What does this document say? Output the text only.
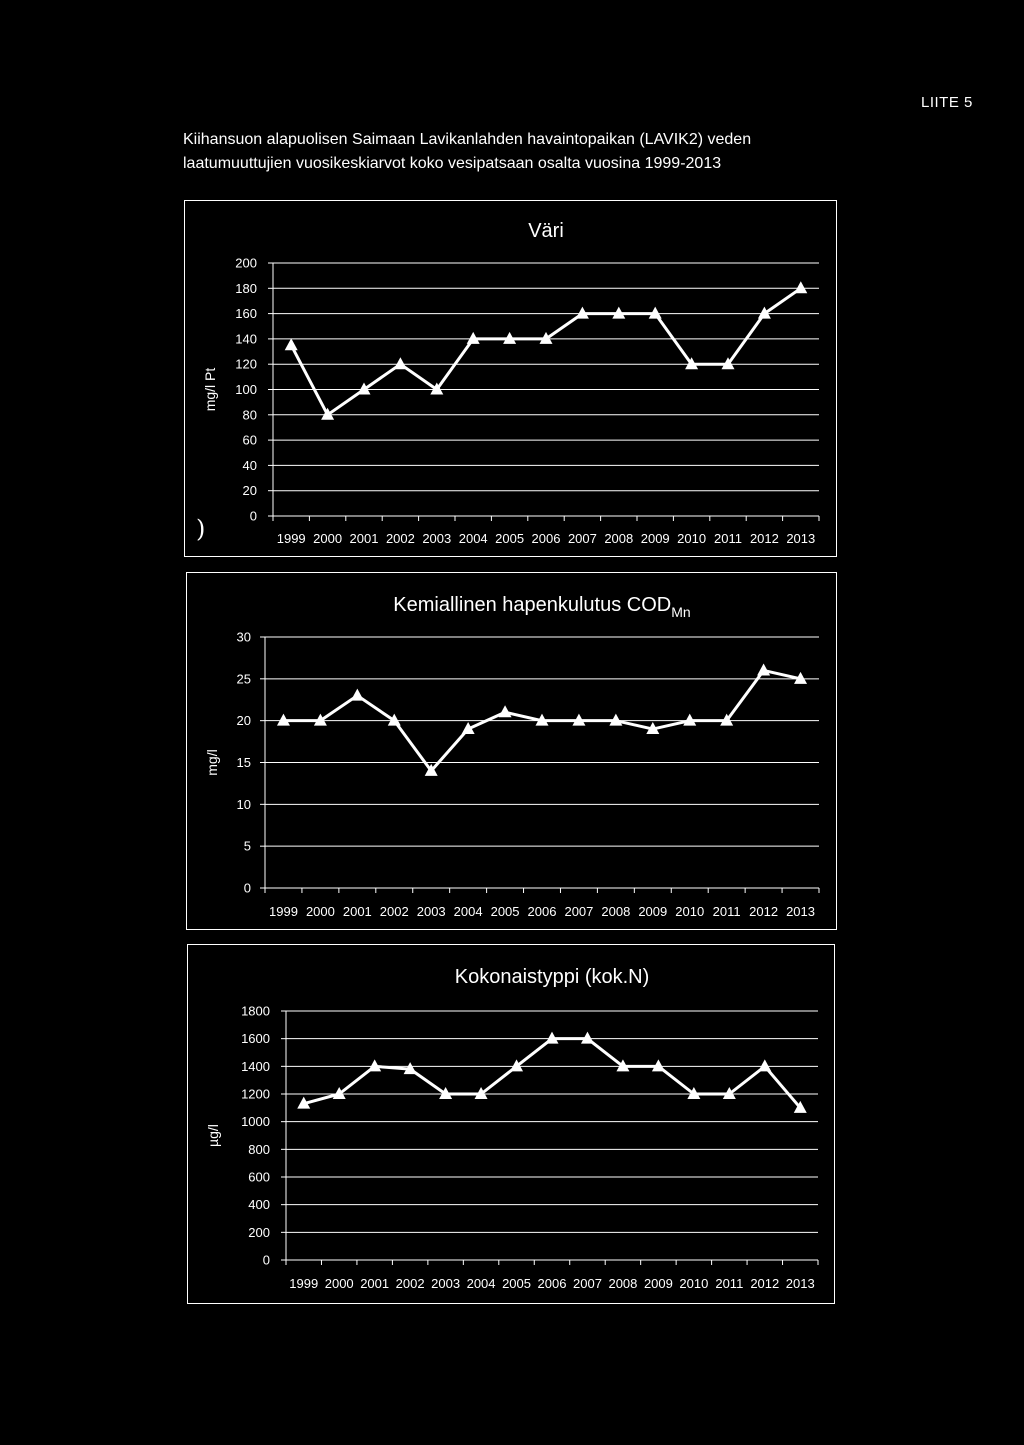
LIITE 5
Kiihansuon alapuolisen Saimaan Lavikanlahden havaintopaikan (LAVIK2) veden
laatumuuttujien vuosikeskiarvot koko vesipatsaan osalta vuosina 1999-2013
)
Väri
0
20
40
60
80
100
120
140
160
180
200
1999 2000 2001 2002 2003 2004 2005 2006 2007 2008 2009 2010 2011 2012 2013
mg/l Pt
Kemiallinen hapenkulutus $COD_{Mn}$
0
5
10
15
20
25
30
1999 2000 2001 2002 2003 2004 2005 2006 2007 2008 2009 2010 2011 2012 2013
mg/l
Kokonaistyppi (kok.N)
0
200
400
600
800
1000
1200
1400
1600
1800
1999 2000 2001 2002 2003 2004 2005 2006 2007 2008 2009 2010 2011 2012 2013
µg/l
